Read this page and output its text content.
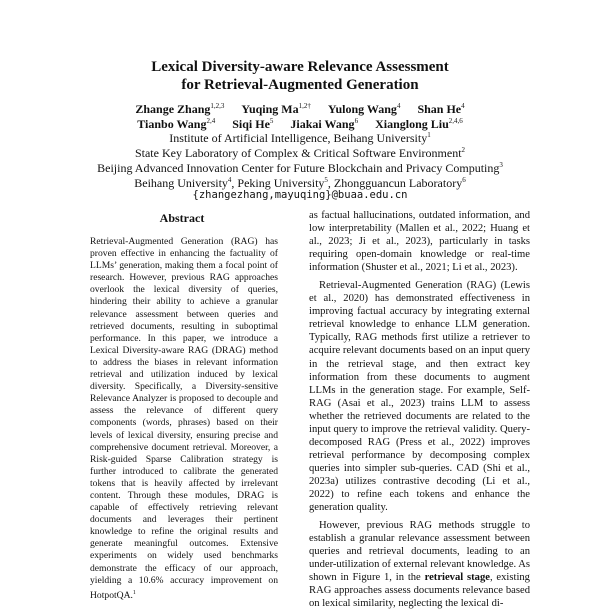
Lexical Diversity-aware Relevance Assessment
for Retrieval-Augmented Generation
Zhange Zhang$^{1,2,3}$ Yuqing $Ma^{1,2\dagger}$ Yulong Wang$^4$ Shan He$^4$
Tianbo Wang$^{2,4}$ Siqi He$^5$ Jiakai Wang$^6$ Xianglong Liu$^{2,4,6}$
Institute of Artificial Intelligence, Beihang University$^1$
State Key Laboratory of Complex & Critical Software Environment$^2$
Beijing Advanced Innovation Center for Future Blockchain and Privacy Computing$^3$
Beihang University$^4$, Peking University$^5$, Zhongguancun Laboratory$^6$
{zhangezhang,mayuqing}@buaa.edu.cn
Abstract
Retrieval-Augmented Generation (RAG) has proven effective in enhancing the factuality of LLMs’ generation, making them a focal point of research. However, previous RAG approaches overlook the lexical diversity of queries, hindering their ability to achieve a granular relevance assessment between queries and retrieved documents, resulting in suboptimal performance. In this paper, we introduce a Lexical Diversity-aware RAG (DRAG) method to address the biases in relevant information retrieval and utilization induced by lexical diversity. Specifically, a Diversity-sensitive Relevance Analyzer is proposed to decouple and assess the relevance of different query components (words, phrases) based on their levels of lexical diversity, ensuring precise and comprehensive document retrieval. Moreover, a Risk-guided Sparse Calibration strategy is further introduced to calibrate the generated tokens that is heavily affected by irrelevant content. Through these modules, DRAG is capable of effectively retrieving relevant documents and leverages their pertinent knowledge to refine the original results and generate meaningful outcomes. Extensive experiments on widely used benchmarks demonstrate the efficacy of our approach, yielding a 10.6% accuracy improvement on HotpotQA.$^1$

as factual hallucinations, outdated information, and low interpretability (Mallen et al., 2022; Huang et al., 2023; Ji et al., 2023), particularly in tasks requiring open-domain knowledge or real-time information (Shuster et al., 2021; Li et al., 2023).

Retrieval-Augmented Generation (RAG) (Lewis et al., 2020) has demonstrated effectiveness in improving factual accuracy by integrating external retrieval knowledge to enhance LLM generation. Typically, RAG methods first utilize a retriever to acquire relevant documents based on an input query in the retrieval stage, and then extract key information from these documents to augment LLMs in the generation stage. For example, Self-RAG (Asai et al., 2023) trains LLM to assess whether the retrieved documents are related to the input query to improve the retrieval validity. Query-decomposed RAG (Press et al., 2022) improves retrieval performance by decomposing complex queries into simpler sub-queries. CAD (Shi et al., 2023a) utilizes contrastive decoding (Li et al., 2022) to refine each tokens and enhance the generation quality.

However, previous RAG methods struggle to establish a granular relevance assessment between queries and retrieval documents, leading to an under-utilization of external relevant knowledge. As shown in Figure 1, in the retrieval stage, existing RAG approaches assess documents relevance based on lexical similarity, neglecting the lexical di-
